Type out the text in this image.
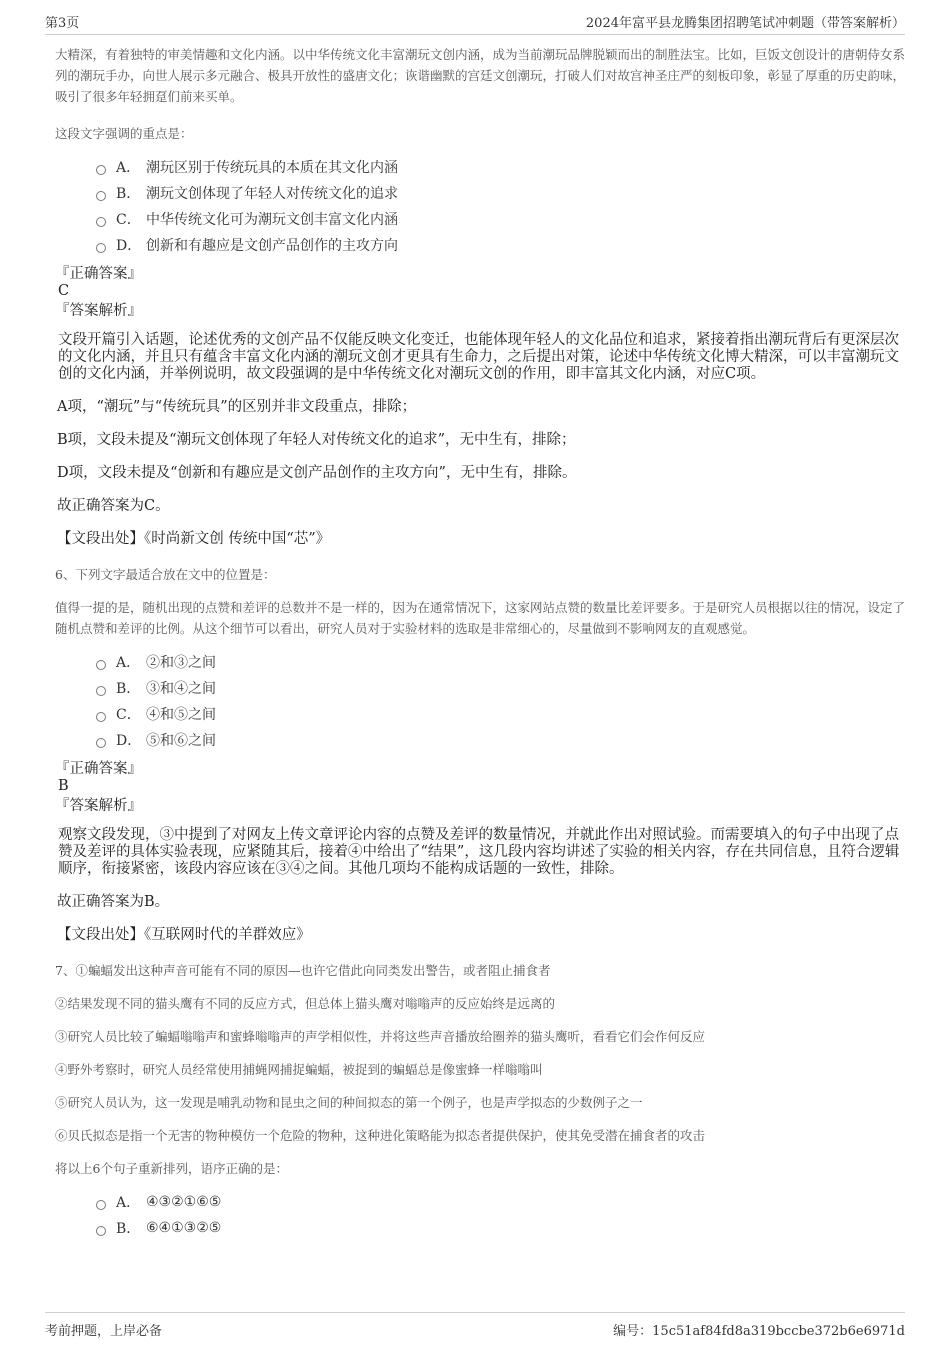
第3页	2024年富平县龙腾集团招聘笔试冲刺题（带答案解析）

大精深，有着独特的审美情趣和文化内涵。以中华传统文化丰富潮玩文创内涵，成为当前潮玩品牌脱颖而出的制胜法宝。比如，巨饭文创设计的唐朝侍女系列的潮玩手办，向世人展示多元融合、极具开放性的盛唐文化；诙谐幽默的宫廷文创潮玩，打破人们对故宫神圣庄严的刻板印象，彰显了厚重的历史韵味，吸引了很多年轻拥趸们前来买单。

这段文字强调的重点是：

A． 潮玩区别于传统玩具的本质在其文化内涵
B． 潮玩文创体现了年轻人对传统文化的追求
C． 中华传统文化可为潮玩文创丰富文化内涵
D． 创新和有趣应是文创产品创作的主攻方向

『正确答案』

C

『答案解析』

文段开篇引入话题，论述优秀的文创产品不仅能反映文化变迁，也能体现年轻人的文化品位和追求，紧接着指出潮玩背后有更深层次的文化内涵，并且只有蕴含丰富文化内涵的潮玩文创才更具有生命力，之后提出对策，论述中华传统文化博大精深，可以丰富潮玩文创的文化内涵，并举例说明，故文段强调的是中华传统文化对潮玩文创的作用，即丰富其文化内涵，对应C项。

A项，“潮玩”与“传统玩具”的区别并非文段重点，排除；

B项，文段未提及“潮玩文创体现了年轻人对传统文化的追求”，无中生有，排除；

D项，文段未提及“创新和有趣应是文创产品创作的主攻方向”，无中生有，排除。

故正确答案为C。

【文段出处】《时尚新文创 传统中国“芯”》

6、下列文字最适合放在文中的位置是：

值得一提的是，随机出现的点赞和差评的总数并不是一样的，因为在通常情况下，这家网站点赞的数量比差评要多。于是研究人员根据以往的情况，设定了随机点赞和差评的比例。从这个细节可以看出，研究人员对于实验材料的选取是非常细心的，尽量做到不影响网友的直观感觉。

A． ②和③之间
B． ③和④之间
C． ④和⑤之间
D． ⑤和⑥之间

『正确答案』

B

『答案解析』

观察文段发现，③中提到了对网友上传文章评论内容的点赞及差评的数量情况，并就此作出对照试验。而需要填入的句子中出现了点赞及差评的具体实验表现，应紧随其后，接着④中给出了“结果”，这几段内容均讲述了实验的相关内容，存在共同信息，且符合逻辑顺序，衔接紧密，该段内容应该在③④之间。其他几项均不能构成话题的一致性，排除。

故正确答案为B。

【文段出处】《互联网时代的羊群效应》

7、①蝙蝠发出这种声音可能有不同的原因—也许它借此向同类发出警告，或者阻止捕食者

②结果发现不同的猫头鹰有不同的反应方式，但总体上猫头鹰对嗡嗡声的反应始终是远离的

③研究人员比较了蝙蝠嗡嗡声和蜜蜂嗡嗡声的声学相似性，并将这些声音播放给圈养的猫头鹰听，看看它们会作何反应

④野外考察时，研究人员经常使用捕蝇网捕捉蝙蝠，被捉到的蝙蝠总是像蜜蜂一样嗡嗡叫

⑤研究人员认为，这一发现是哺乳动物和昆虫之间的种间拟态的第一个例子，也是声学拟态的少数例子之一

⑥贝氏拟态是指一个无害的物种模仿一个危险的物种，这种进化策略能为拟态者提供保护，使其免受潜在捕食者的攻击

将以上6个句子重新排列，语序正确的是：

A． ④③②①⑥⑤
B． ⑥④①③②⑤
考前押题，上岸必备	编号：15c51af84fd8a319bccbe372b6e6971d
